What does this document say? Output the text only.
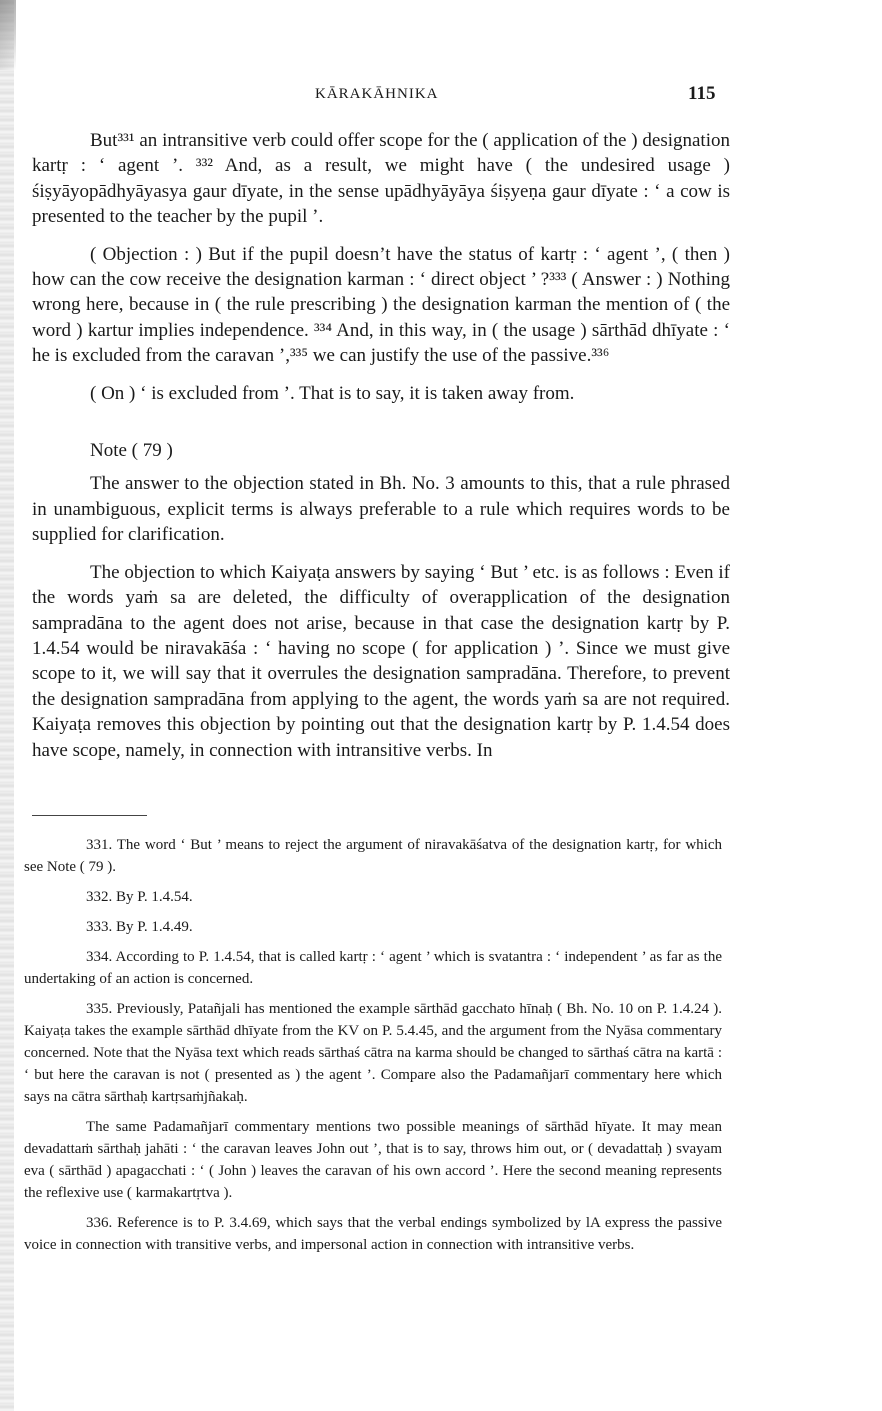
KĀRAKĀHNIKA	115

But³³¹ an intransitive verb could offer scope for the ( application of the ) designation kartṛ : ‘ agent ’. ³³² And, as a result, we might have ( the undesired usage ) śiṣyāyopādhyāyasya gaur dīyate, in the sense upādhyāyāya śiṣyeṇa gaur dīyate : ‘ a cow is presented to the teacher by the pupil ’.

( Objection : ) But if the pupil doesn’t have the status of kartṛ : ‘ agent ’, ( then ) how can the cow receive the designation karman : ‘ direct object ’ ?³³³ ( Answer : ) Nothing wrong here, because in ( the rule prescribing ) the designation karman the mention of ( the word ) kartur implies independence. ³³⁴ And, in this way, in ( the usage ) sārthād dhīyate : ‘ he is excluded from the caravan ’,³³⁵ we can justify the use of the passive.³³⁶

( On ) ‘ is excluded from ’. That is to say, it is taken away from.

Note ( 79 )

The answer to the objection stated in Bh. No. 3 amounts to this, that a rule phrased in unambiguous, explicit terms is always preferable to a rule which requires words to be supplied for clarification.

The objection to which Kaiyaṭa answers by saying ‘ But ’ etc. is as follows : Even if the words yaṁ sa are deleted, the difficulty of overapplication of the designation sampradāna to the agent does not arise, because in that case the designation kartṛ by P. 1.4.54 would be niravakāśa : ‘ having no scope ( for application ) ’. Since we must give scope to it, we will say that it overrules the designation sampradāna. Therefore, to prevent the designation sampradāna from applying to the agent, the words yaṁ sa are not required. Kaiyaṭa removes this objection by pointing out that the designation kartṛ by P. 1.4.54 does have scope, namely, in connection with intransitive verbs. In

331. The word ‘ But ’ means to reject the argument of niravakāśatva of the designation kartṛ, for which see Note ( 79 ).

332. By P. 1.4.54.

333. By P. 1.4.49.

334. According to P. 1.4.54, that is called kartṛ : ‘ agent ’ which is svatantra : ‘ independent ’ as far as the undertaking of an action is concerned.

335. Previously, Patañjali has mentioned the example sārthād gacchato hīnaḥ ( Bh. No. 10 on P. 1.4.24 ). Kaiyaṭa takes the example sārthād dhīyate from the KV on P. 5.4.45, and the argument from the Nyāsa commentary concerned. Note that the Nyāsa text which reads sārthaś cātra na karma should be changed to sārthaś cātra na kartā : ‘ but here the caravan is not ( presented as ) the agent ’. Compare also the Padamañjarī commentary here which says na cātra sārthaḥ kartṛsaṁjñakaḥ.

The same Padamañjarī commentary mentions two possible meanings of sārthād hīyate. It may mean devadattaṁ sārthaḥ jahāti : ‘ the caravan leaves John out ’, that is to say, throws him out, or ( devadattaḥ ) svayam eva ( sārthād ) apagacchati : ‘ ( John ) leaves the caravan of his own accord ’. Here the second meaning represents the reflexive use ( karmakartṛtva ).

336. Reference is to P. 3.4.69, which says that the verbal endings symbolized by lA express the passive voice in connection with transitive verbs, and impersonal action in connection with intransitive verbs.
